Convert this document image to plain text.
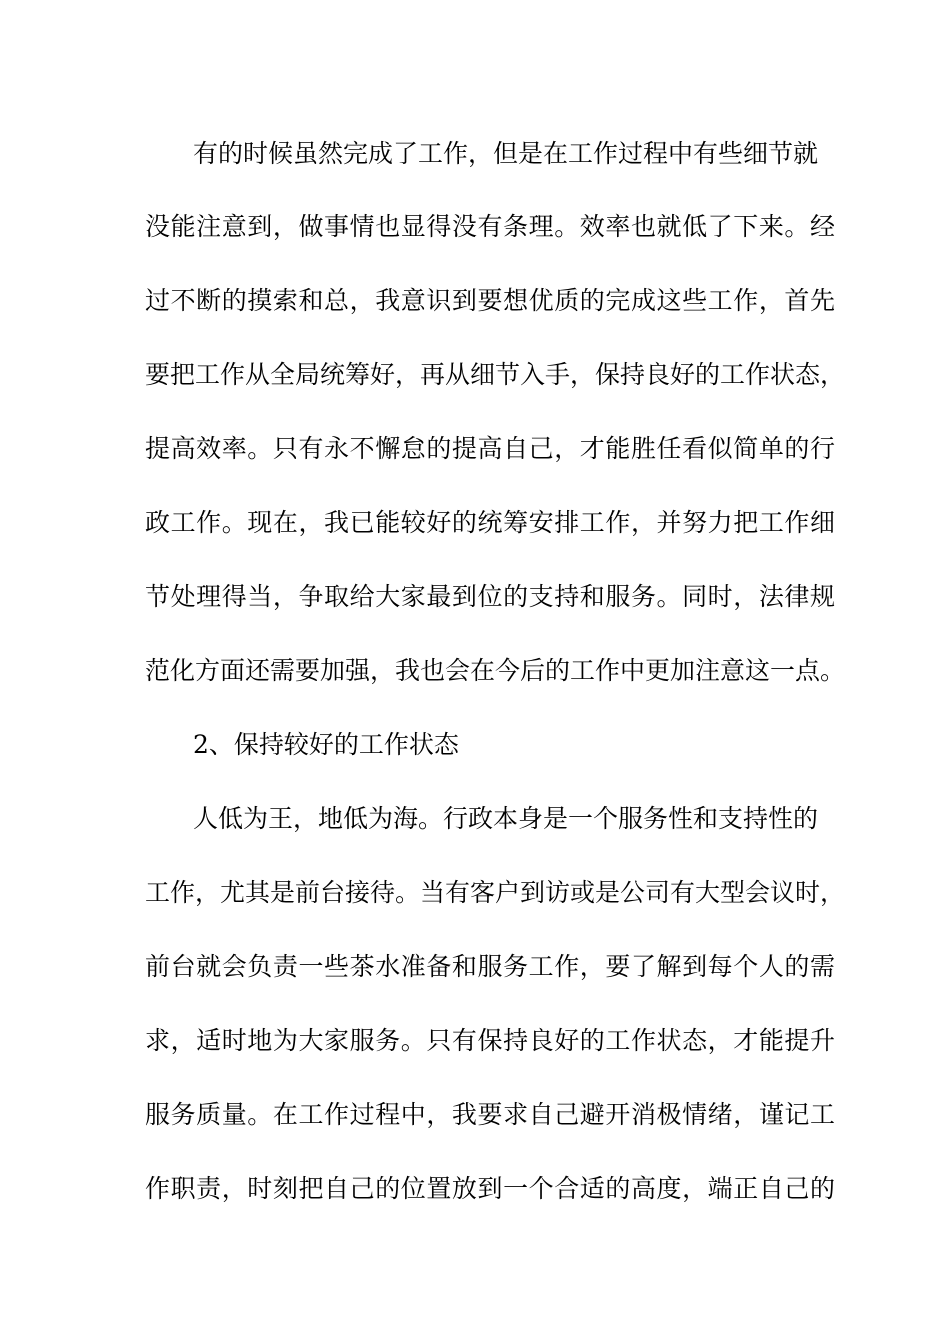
有的时候虽然完成了工作，但是在工作过程中有些细节就
没能注意到，做事情也显得没有条理。效率也就低了下来。经
过不断的摸索和总，我意识到要想优质的完成这些工作，首先
要把工作从全局统筹好，再从细节入手，保持良好的工作状态，
提高效率。只有永不懈怠的提高自己，才能胜任看似简单的行
政工作。现在，我已能较好的统筹安排工作，并努力把工作细
节处理得当，争取给大家最到位的支持和服务。同时，法律规
范化方面还需要加强，我也会在今后的工作中更加注意这一点。
2、保持较好的工作状态
人低为王，地低为海。行政本身是一个服务性和支持性的
工作，尤其是前台接待。当有客户到访或是公司有大型会议时，
前台就会负责一些茶水准备和服务工作，要了解到每个人的需
求，适时地为大家服务。只有保持良好的工作状态，才能提升
服务质量。在工作过程中，我要求自己避开消极情绪，谨记工
作职责，时刻把自己的位置放到一个合适的高度，端正自己的
